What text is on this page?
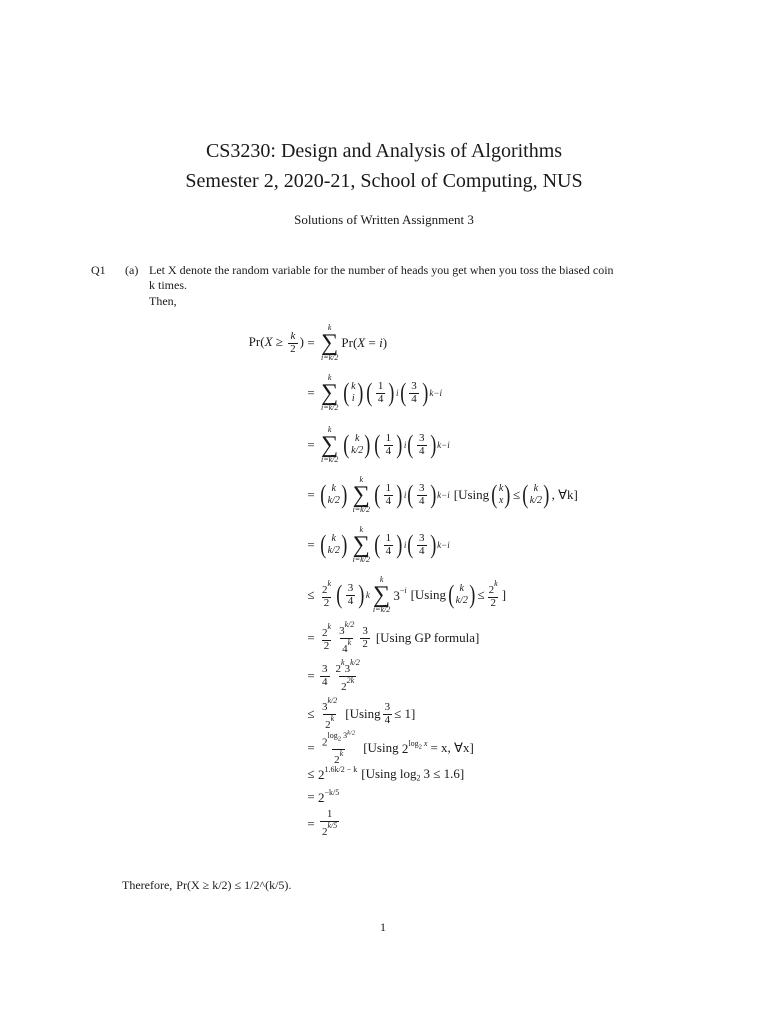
CS3230: Design and Analysis of Algorithms
Semester 2, 2020-21, School of Computing, NUS
Solutions of Written Assignment 3
Q1 (a) Let X denote the random variable for the number of heads you get when you toss the biased coin
k times.
Then,
$Pr(X \ge \frac{k}{2}$ ) =
k
∑
i=k/2
Pr(X = i)
=
k
∑
i=k/2
( k
i ) ( $\frac{1}{4}$ ) i ( $\frac{3}{4}$ ) k−i
=
k
∑
i=k/2
( k
k/2 ) ( $\frac{1}{4}$ ) i ( $\frac{3}{4}$ ) k−i
= ( k
k/2 )
k
∑
i=k/2
( $\frac{1}{4}$ ) i ( $\frac{3}{4}$ ) k−i [Using ( k
x ) ≤ ( k
k/2 ) , ∀k]
= ( k
k/2 )
k
∑
i=k/2
( $\frac{1}{4}$ ) i ( $\frac{3}{4}$ ) k−i
≤ $\frac{2^k}{2}$ ( $\frac{3}{4}$ ) k
k
∑
i=k/2
$3^{-i}$ [Using ( k
k/2 ) ≤ $\frac{2^k}{2}$ ]
= $\frac{2^k}{2} \frac{3^{k/2}}{4^k} \frac{3}{2} [Using$ GP formula]
= $\frac{3}{4} \frac{2^k3^{k/2}}{2^{2k}}$
≤ $\frac{3^{k/2}}{2^k} [Using \frac{3}{4} \le 1]$
= $\frac{2^{log_2 3^{k/2}}}{2^k} [Using$ $2^{log_2 x} = x$, ∀x]
≤ $2^{1.6k/2 - k}$ [Using log $_2$ 3 ≤ 1.6]
= $2^{-k/5}$
= $\frac{1}{2^{k/5}}$
Therefore, Pr(X ≥ k/2) ≤ 1/2^(k/5).
1
